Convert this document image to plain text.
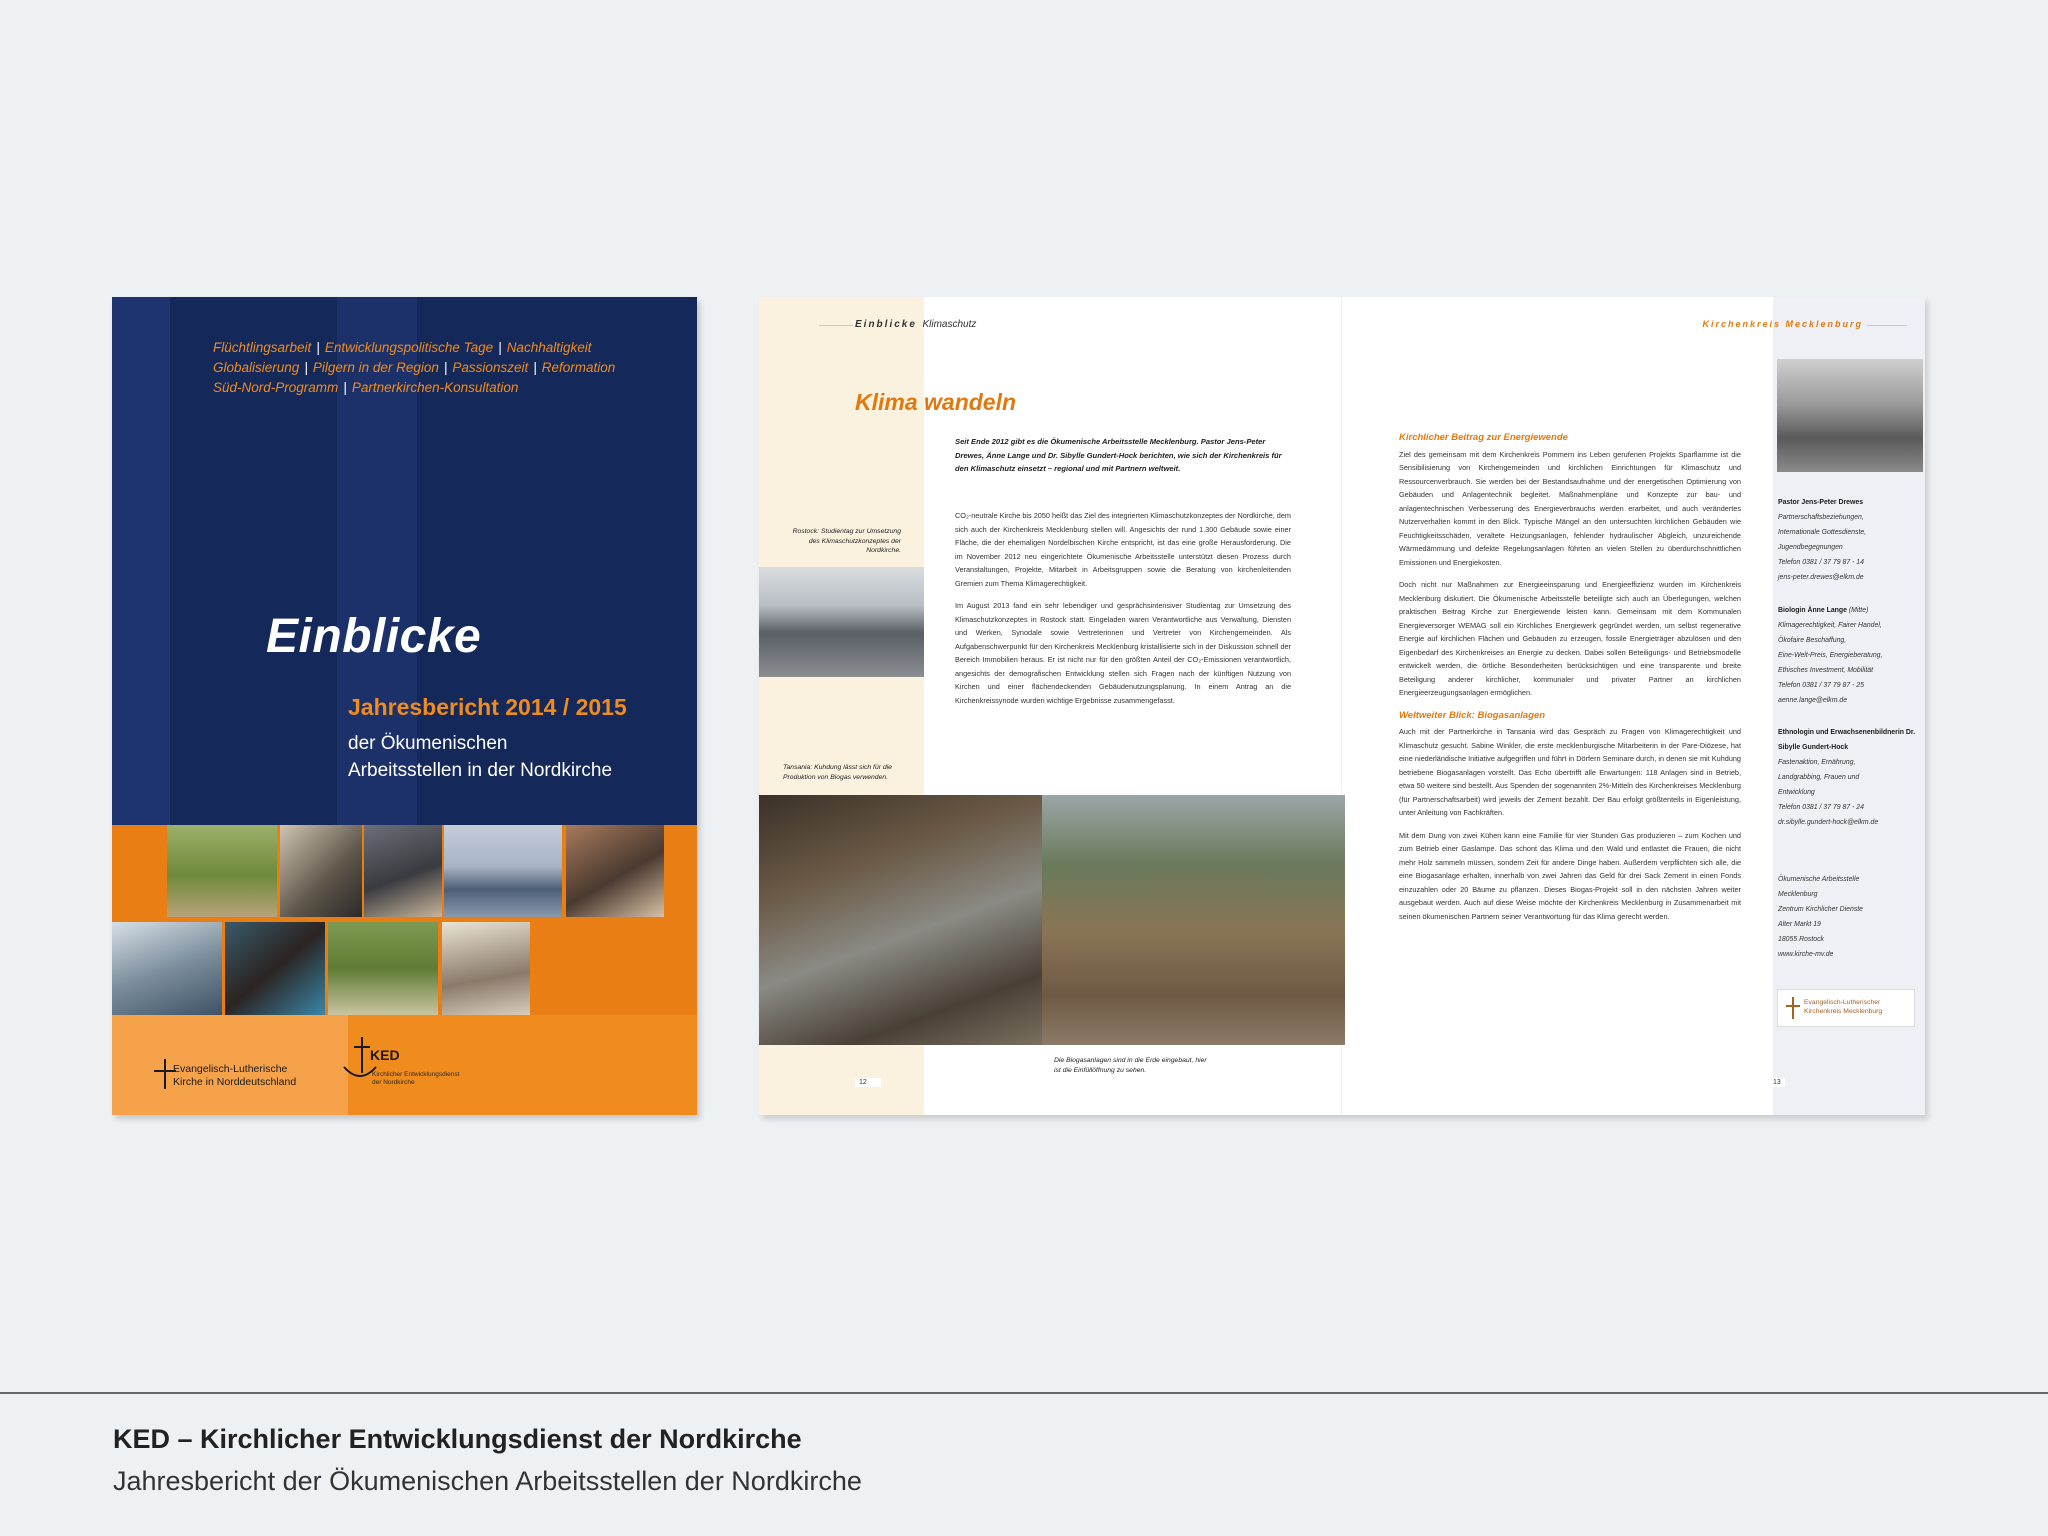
Flüchtlingsarbeit | Entwicklungspolitische Tage | Nachhaltigkeit
Globalisierung | Pilgern in der Region | Passionszeit | Reformation
Süd-Nord-Programm | Partnerkirchen-Konsultation
Einblicke
Jahresbericht 2014 / 2015
der Ökumenischen
Arbeitsstellen in der Nordkirche
Evangelisch-Lutherische
Kirche in Norddeutschland
KED
Kirchlicher Entwicklungsdienst
der Nordkirche
Einblicke Klimaschutz	Kirchenkreis Mecklenburg
Klima wandeln
Seit Ende 2012 gibt es die Ökumenische Arbeitsstelle Mecklenburg. Pastor Jens-Peter Drewes, Änne Lange und Dr. Sibylle Gundert-Hock berichten, wie sich der Kirchenkreis für den Klimaschutz einsetzt – regional und mit Partnern weltweit.

CO₂-neutrale Kirche bis 2050 heißt das Ziel des integrierten Klimaschutzkonzeptes der Nordkirche, dem sich auch der Kirchenkreis Mecklenburg stellen will. Angesichts der rund 1.300 Gebäude sowie einer Fläche, die der ehemaligen Nordelbischen Kirche entspricht, ist das eine große Herausforderung. Die im November 2012 neu eingerichtete Ökumenische Arbeitsstelle unterstützt diesen Prozess durch Veranstaltungen, Projekte, Mitarbeit in Arbeitsgruppen sowie die Beratung von kirchenleitenden Gremien zum Thema Klimagerechtigkeit.

Im August 2013 fand ein sehr lebendiger und gesprächsintensiver Studientag zur Umsetzung des Klimaschutzkonzeptes in Rostock statt. Eingeladen waren Verantwortliche aus Verwaltung, Diensten und Werken, Synodale sowie Vertreterinnen und Vertreter von Kirchengemeinden. Als Aufgabenschwerpunkt für den Kirchenkreis Mecklenburg kristallisierte sich in der Diskussion schnell der Bereich Immobilien heraus. Er ist nicht nur für den größten Anteil der CO₂-Emissionen verantwortlich, angesichts der demografischen Entwicklung stellen sich Fragen nach der künftigen Nutzung von Kirchen und einer flächendeckenden Gebäudenutzungsplanung. In einem Antrag an die Kirchenkreissynode wurden wichtige Ergebnisse zusammengefasst.

Kirchlicher Beitrag zur Energiewende

Ziel des gemeinsam mit dem Kirchenkreis Pommern ins Leben gerufenen Projekts Sparflamme ist die Sensibilisierung von Kirchengemeinden und kirchlichen Einrichtungen für Klimaschutz und Ressourcenverbrauch. Sie werden bei der Bestandsaufnahme und der energetischen Optimierung von Gebäuden und Anlagentechnik begleitet. Maßnahmenpläne und Konzepte zur bau- und anlagentechnischen Verbesserung des Energieverbrauchs werden erarbeitet, und auch verändertes Nutzerverhalten kommt in den Blick. Typische Mängel an den untersuchten kirchlichen Gebäuden wie Feuchtigkeitsschäden, veraltete Heizungsanlagen, fehlender hydraulischer Abgleich, unzureichende Wärmedämmung und defekte Regelungsanlagen führten an vielen Stellen zu überdurchschnittlichen Emissionen und Energiekosten.

Doch nicht nur Maßnahmen zur Energieeinsparung und Energieeffizienz wurden im Kirchenkreis Mecklenburg diskutiert. Die Ökumenische Arbeitsstelle beteiligte sich auch an Überlegungen, welchen praktischen Beitrag Kirche zur Energiewende leisten kann. Gemeinsam mit dem Kommunalen Energieversorger WEMAG soll ein Kirchliches Energiewerk gegründet werden, um selbst regenerative Energie auf kirchlichen Flächen und Gebäuden zu erzeugen, fossile Energieträger abzulösen und den Eigenbedarf des Kirchenkreises an Energie zu decken. Dabei sollen Beteiligungs- und Betriebsmodelle entwickelt werden, die örtliche Besonderheiten berücksichtigen und eine transparente und breite Beteiligung anderer kirchlicher, kommunaler und privater Partner an kirchlichen Energieerzeugungsanlagen ermöglichen.

Weltweiter Blick: Biogasanlagen

Auch mit der Partnerkirche in Tansania wird das Gespräch zu Fragen von Klimagerechtigkeit und Klimaschutz gesucht. Sabine Winkler, die erste mecklenburgische Mitarbeiterin in der Pare-Diözese, hat eine niederländische Initiative aufgegriffen und führt in Dörfern Seminare durch, in denen sie mit Kuhdung betriebene Biogasanlagen vorstellt. Das Echo übertrifft alle Erwartungen: 118 Anlagen sind in Betrieb, etwa 50 weitere sind bestellt. Aus Spenden der sogenannten 2%-Mitteln des Kirchenkreises Mecklenburg (für Partnerschaftsarbeit) wird jeweils der Zement bezahlt. Der Bau erfolgt größtenteils in Eigenleistung, unter Anleitung von Fachkräften.

Mit dem Dung von zwei Kühen kann eine Familie für vier Stunden Gas produzieren – zum Kochen und zum Betrieb einer Gaslampe. Das schont das Klima und den Wald und entlastet die Frauen, die nicht mehr Holz sammeln müssen, sondern Zeit für andere Dinge haben. Außerdem verpflichten sich alle, die eine Biogasanlage erhalten, innerhalb von zwei Jahren das Geld für drei Sack Zement in einen Fonds einzuzahlen oder 20 Bäume zu pflanzen. Dieses Biogas-Projekt soll in den nächsten Jahren weiter ausgebaut werden. Auch auf diese Weise möchte der Kirchenkreis Mecklenburg in Zusammenarbeit mit seinen ökumenischen Partnern seiner Verantwortung für das Klima gerecht werden.

Rostock: Studientag zur Umsetzung des Klimaschutzkonzeptes der Nordkirche.
Tansania: Kuhdung lässt sich für die Produktion von Biogas verwenden.
Die Biogasanlagen sind in die Erde eingebaut, hier ist die Einfüllöffnung zu sehen.
12	13
Pastor Jens-Peter Drewes
Partnerschaftsbeziehungen,
Internationale Gottesdienste,
Jugendbegegnungen
Telefon 0381 / 37 79 87 - 14
jens-peter.drewes@elkm.de
Biologin Änne Lange (Mitte)
Klimagerechtigkeit, Fairer Handel,
Ökofaire Beschaffung,
Eine-Welt-Preis, Energieberatung,
Ethisches Investment, Mobilität
Telefon 0381 / 37 79 87 - 25
aenne.lange@elkm.de
Ethnologin und Erwachsenenbildnerin Dr. Sibylle Gundert-Hock
Fastenaktion, Ernährung,
Landgrabbing, Frauen und
Entwicklung
Telefon 0381 / 37 79 87 - 24
dr.sibylle.gundert-hock@elkm.de
Ökumenische Arbeitsstelle
Mecklenburg
Zentrum Kirchlicher Dienste
Alter Markt 19
18055 Rostock
www.kirche-mv.de
Evangelisch-Lutherischer
Kirchenkreis Mecklenburg
KED – Kirchlicher Entwicklungsdienst der Nordkirche
Jahresbericht der Ökumenischen Arbeitsstellen der Nordkirche
